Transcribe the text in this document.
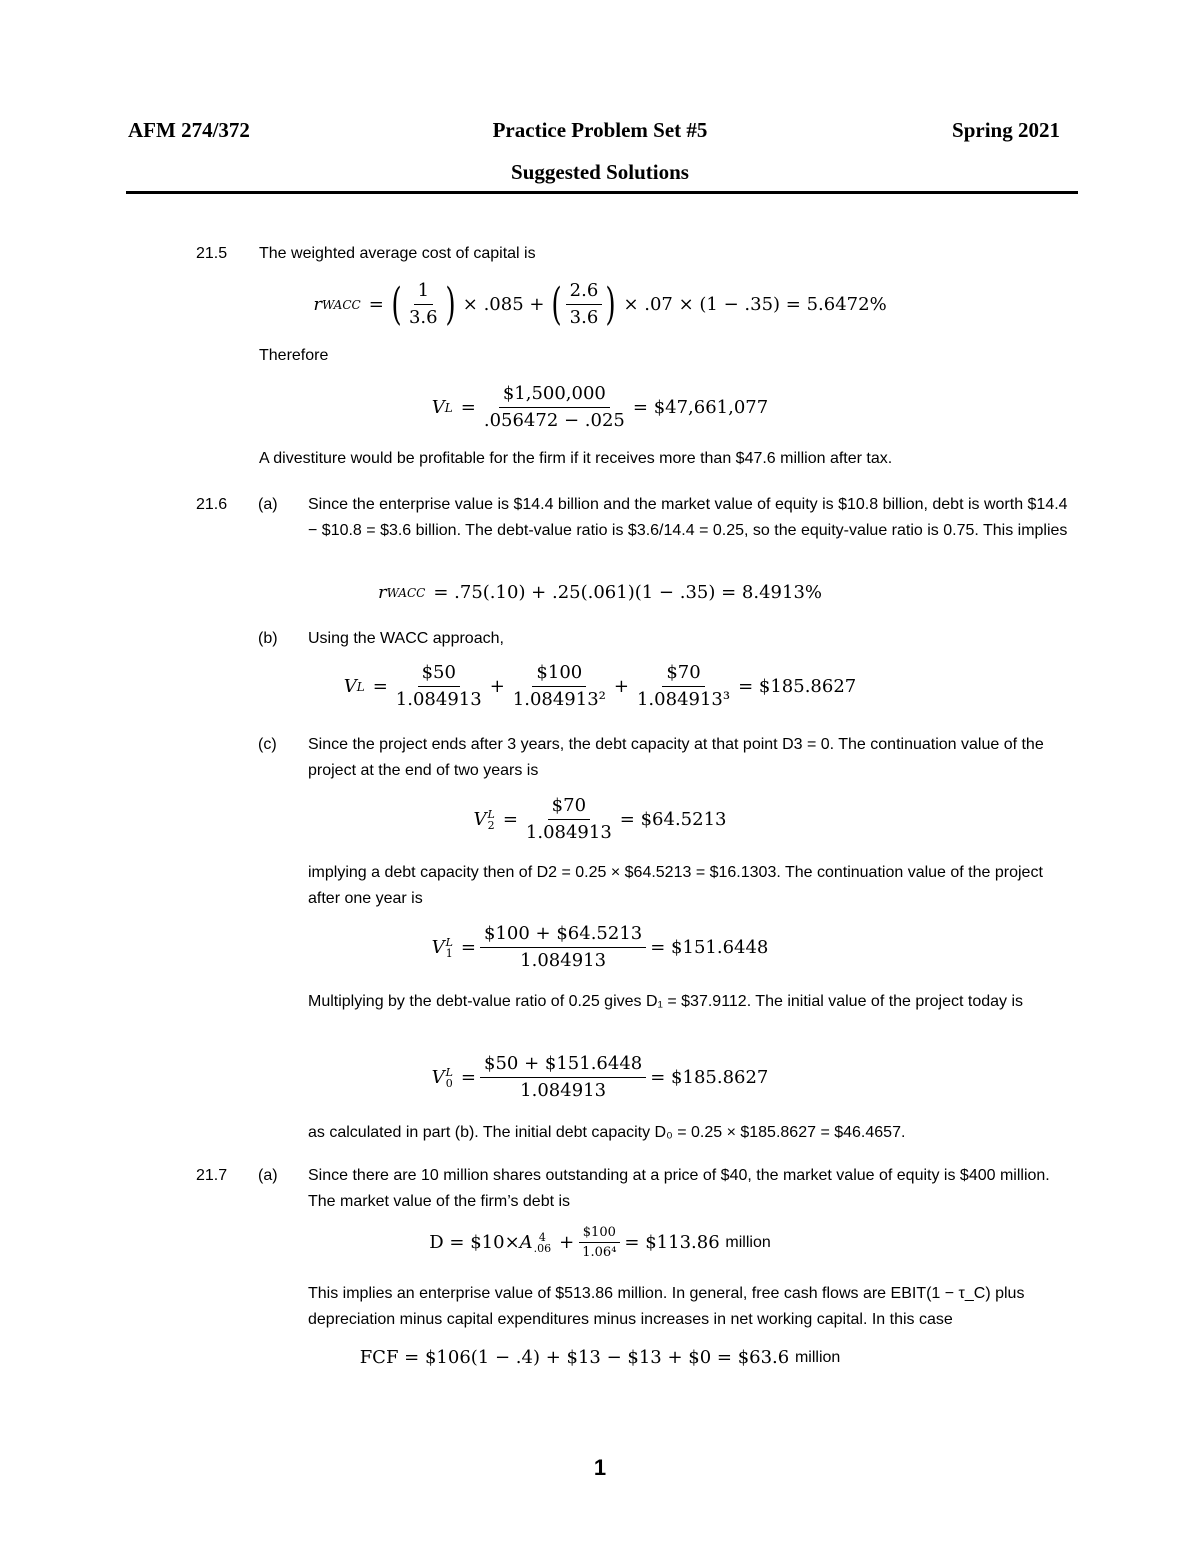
AFM 274/372	Practice Problem Set #5	Spring 2021
Suggested Solutions
21.5 The weighted average cost of capital is
r WACC = ( $\frac{1}{3.6}$ ) × .085 + ( $\frac{2.6}{3.6}$ ) × .07 × (1 − .35) = 5.6472%
Therefore
V $L = \frac{\$1,500,000}{.056472 - .025}$ = $47,661,077
A divestiture would be profitable for the firm if it receives more than $47.6 million after tax.
21.6 (a) Since the enterprise value is $14.4 billion and the market value of equity is $10.8 billion, debt is worth $14.4 − $10.8 = $3.6 billion. The debt-value ratio is $3.6/14.4 = 0.25, so the equity-value ratio is 0.75. This implies
r WACC = .75(.10) + .25(.061)(1 − .35) = 8.4913%
(b) Using the WACC approach,
V $L = \frac{\$50}{1.084913} + \frac{\$100}{\text{1.084913²}} + \frac{\$70}{\text{1.084913³}}$ = $185.8627
(c) Since the project ends after 3 years, the debt capacity at that point D3 = 0. The continuation value of the project at the end of two years is
V L
$2 = \frac{\$70}{1.084913}$ = $64.5213
implying a debt capacity then of D2 = 0.25 × $64.5213 = $16.1303. The continuation value of the project after one year is
V L
$1 = \frac{\$100 + \$64.5213}{1.084913}$ = $151.6448
Multiplying by the debt-value ratio of 0.25 gives D₁ = $37.9112. The initial value of the project today is
V L
$0 = \frac{\$50 + \$151.6448}{1.084913}$ = $185.8627
as calculated in part (b). The initial debt capacity D₀ = 0.25 × $185.8627 = $46.4657.
21.7 (a) Since there are 10 million shares outstanding at a price of $40, the market value of equity is $400 million. The market value of the firm’s debt is
D = $10× A 4
$.06 + \frac{\$100}{\text{1.06⁴}}$ = $113.86
million
This implies an enterprise value of $513.86 million. In general, free cash flows are EBIT(1 − τ_C) plus depreciation minus capital expenditures minus increases in net working capital. In this case
FCF = $106(1 − .4) + $13 − $13 + $0 = $63.6
million
1
